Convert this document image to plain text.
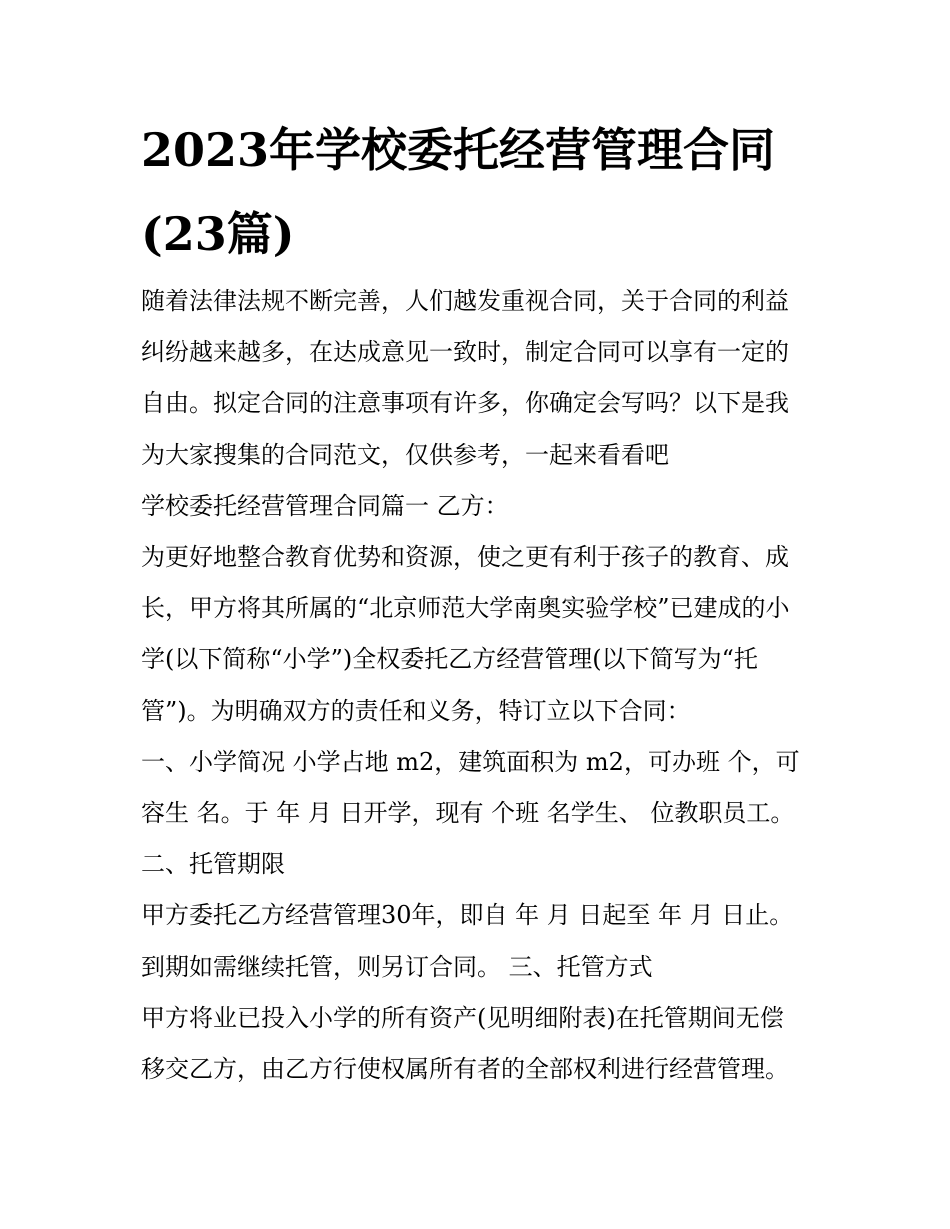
2023年学校委托经营管理合同
(23篇)
随着法律法规不断完善，人们越发重视合同，关于合同的利益
纠纷越来越多，在达成意见一致时，制定合同可以享有一定的
自由。拟定合同的注意事项有许多，你确定会写吗？以下是我
为大家搜集的合同范文，仅供参考，一起来看看吧
学校委托经营管理合同篇一 乙方：
为更好地整合教育优势和资源，使之更有利于孩子的教育、成
长，甲方将其所属的“北京师范大学南奥实验学校”已建成的小
学(以下简称“小学”)全权委托乙方经营管理(以下简写为“托
管”)。为明确双方的责任和义务，特订立以下合同：
一、小学简况 小学占地 m2，建筑面积为 m2，可办班 个，可
容生 名。于 年 月 日开学，现有 个班 名学生、 位教职员工。
二、托管期限
甲方委托乙方经营管理30年，即自 年 月 日起至 年 月 日止。
到期如需继续托管，则另订合同。 三、托管方式
甲方将业已投入小学的所有资产(见明细附表)在托管期间无偿
移交乙方，由乙方行使权属所有者的全部权利进行经营管理。
